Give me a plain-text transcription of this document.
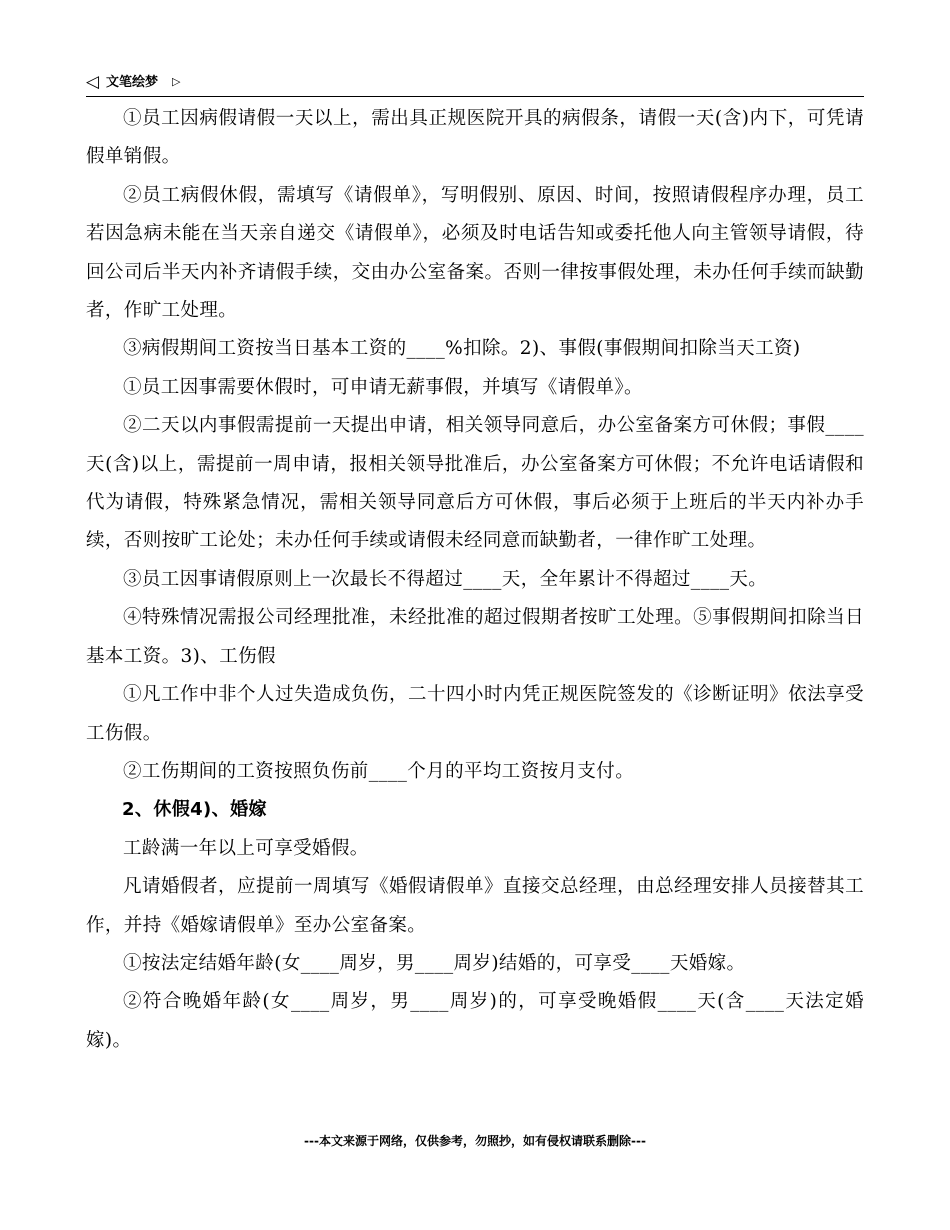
◁ 文笔绘梦 ▷

①员工因病假请假一天以上，需出具正规医院开具的病假条，请假一天(含)内下，可凭请假单销假。

②员工病假休假，需填写《请假单》，写明假别、原因、时间，按照请假程序办理，员工若因急病未能在当天亲自递交《请假单》，必须及时电话告知或委托他人向主管领导请假，待回公司后半天内补齐请假手续，交由办公室备案。否则一律按事假处理，未办任何手续而缺勤者，作旷工处理。

③病假期间工资按当日基本工资的____%扣除。2)、事假(事假期间扣除当天工资)

①员工因事需要休假时，可申请无薪事假，并填写《请假单》。

②二天以内事假需提前一天提出申请，相关领导同意后，办公室备案方可休假；事假____天(含)以上，需提前一周申请，报相关领导批准后，办公室备案方可休假；不允许电话请假和代为请假，特殊紧急情况，需相关领导同意后方可休假，事后必须于上班后的半天内补办手续，否则按旷工论处；未办任何手续或请假未经同意而缺勤者，一律作旷工处理。

③员工因事请假原则上一次最长不得超过____天，全年累计不得超过____天。

④特殊情况需报公司经理批准，未经批准的超过假期者按旷工处理。⑤事假期间扣除当日基本工资。3)、工伤假

①凡工作中非个人过失造成负伤，二十四小时内凭正规医院签发的《诊断证明》依法享受工伤假。

②工伤期间的工资按照负伤前____个月的平均工资按月支付。

2、休假4)、婚嫁

工龄满一年以上可享受婚假。

凡请婚假者，应提前一周填写《婚假请假单》直接交总经理，由总经理安排人员接替其工作，并持《婚嫁请假单》至办公室备案。

①按法定结婚年龄(女____周岁，男____周岁)结婚的，可享受____天婚嫁。

②符合晚婚年龄(女____周岁，男____周岁)的，可享受晚婚假____天(含____天法定婚嫁)。

---本文来源于网络，仅供参考，勿照抄，如有侵权请联系删除---
